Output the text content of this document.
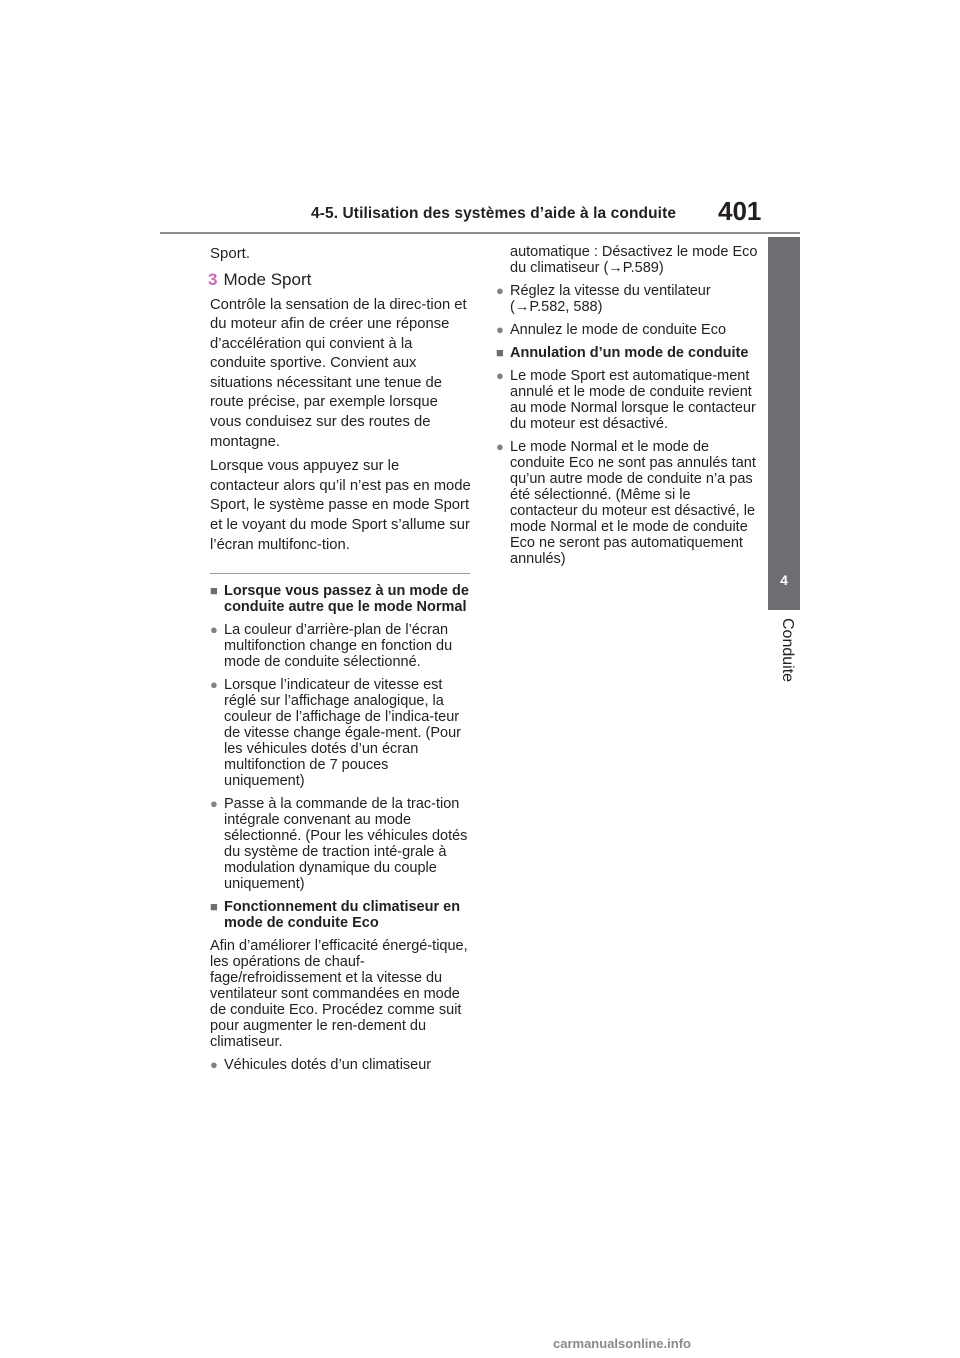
4-5. Utilisation des systèmes d’aide à la conduite 401
4
Conduite

Sport.

3 Mode Sport

Contrôle la sensation de la direc-tion et du moteur afin de créer une réponse d’accélération qui convient à la conduite sportive. Convient aux situations nécessitant une tenue de route précise, par exemple lorsque vous conduisez sur des routes de montagne.

Lorsque vous appuyez sur le contacteur alors qu’il n’est pas en mode Sport, le système passe en mode Sport et le voyant du mode Sport s’allume sur l’écran multifonc-tion.

■ Lorsque vous passez à un mode de conduite autre que le mode Normal
● La couleur d’arrière-plan de l’écran multifonction change en fonction du mode de conduite sélectionné.
● Lorsque l’indicateur de vitesse est réglé sur l’affichage analogique, la couleur de l’affichage de l’indica-teur de vitesse change égale-ment. (Pour les véhicules dotés d’un écran multifonction de 7 pouces uniquement)
● Passe à la commande de la trac-tion intégrale convenant au mode sélectionné. (Pour les véhicules dotés du système de traction inté-grale à modulation dynamique du couple uniquement)
■ Fonctionnement du climatiseur en mode de conduite Eco

Afin d’améliorer l’efficacité énergé-tique, les opérations de chauf-fage/refroidissement et la vitesse du ventilateur sont commandées en mode de conduite Eco. Procédez comme suit pour augmenter le ren-dement du climatiseur.

● Véhicules dotés d’un climatiseur
automatique : Désactivez le mode Eco du climatiseur (→P.589)
● Réglez la vitesse du ventilateur (→P.582, 588)
● Annulez le mode de conduite Eco
■ Annulation d’un mode de conduite
● Le mode Sport est automatique-ment annulé et le mode de conduite revient au mode Normal lorsque le contacteur du moteur est désactivé.
● Le mode Normal et le mode de conduite Eco ne sont pas annulés tant qu’un autre mode de conduite n’a pas été sélectionné. (Même si le contacteur du moteur est désactivé, le mode Normal et le mode de conduite Eco ne seront pas automatiquement annulés)
carmanualsonline.info
